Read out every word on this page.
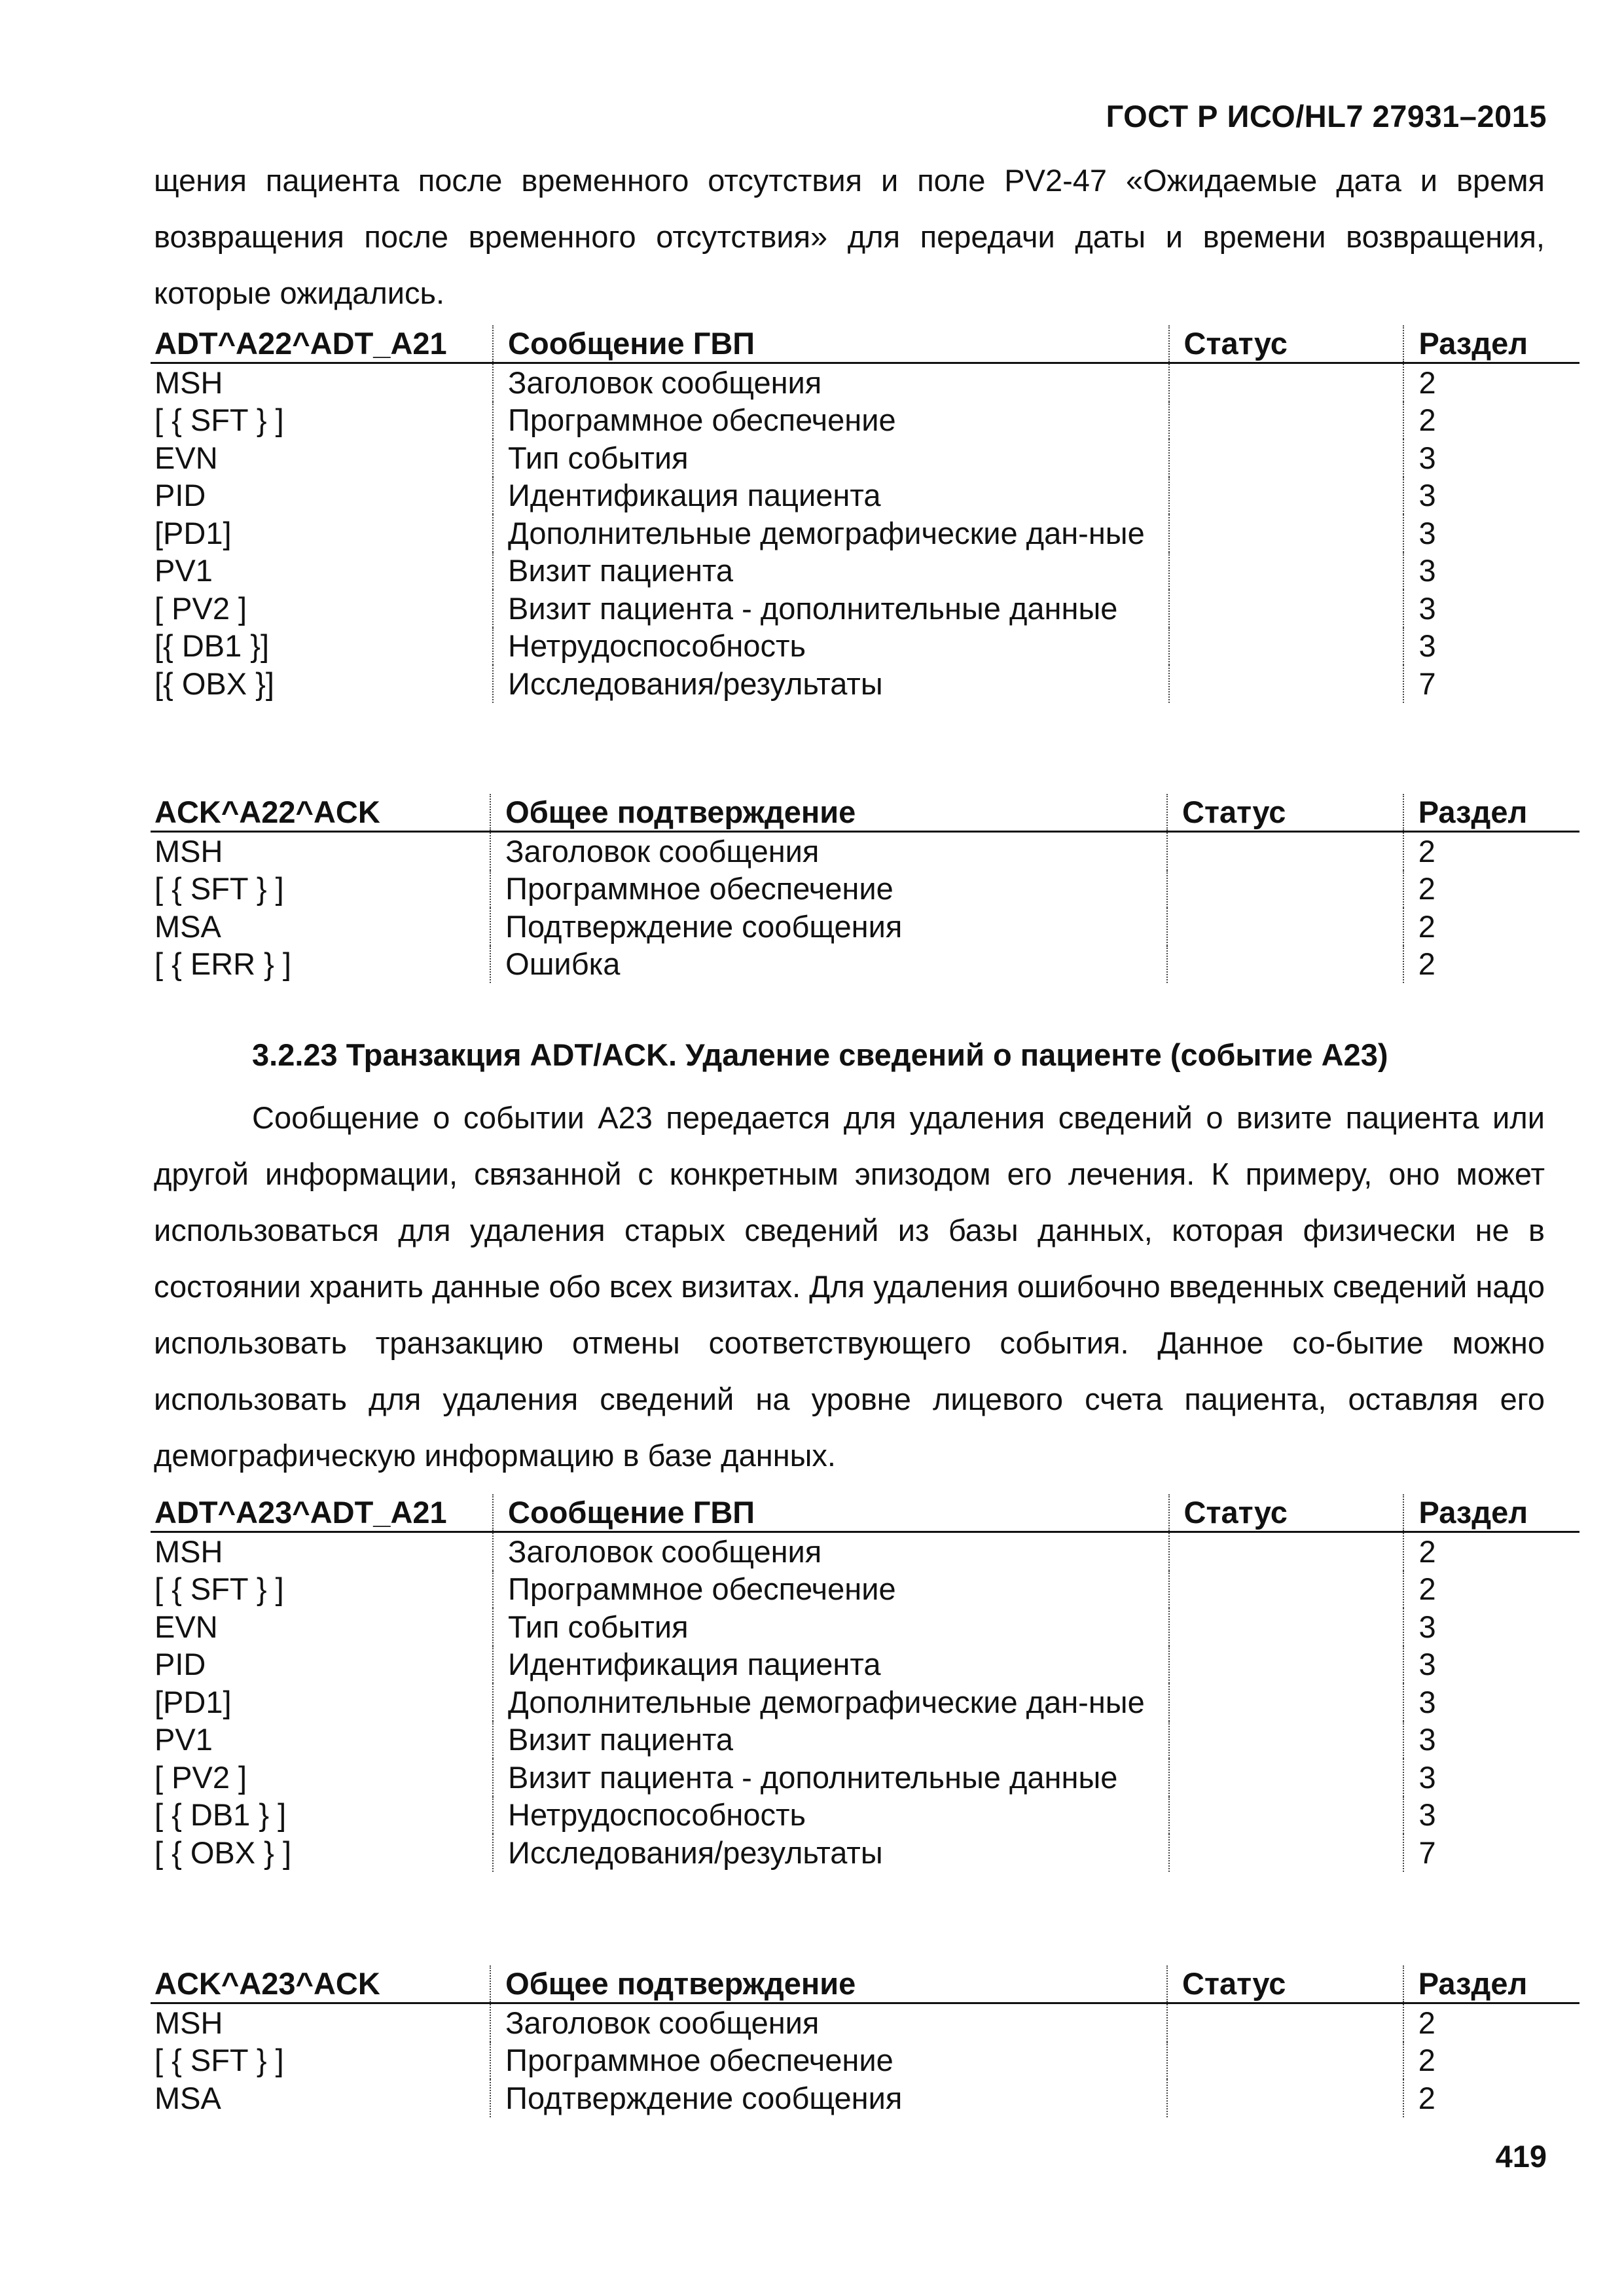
ГОСТ Р ИСО/HL7 27931–2015

щения пациента после временного отсутствия и поле PV2-47 «Ожидаемые дата и время возвращения после временного отсутствия» для передачи даты и времени возвращения, которые ожидались.

ADT^A22^ADT_A21	Сообщение ГВП	Статус	Раздел
MSH	Заголовок сообщения		2
[ { SFT } ]	Программное обеспечение		2
EVN	Тип события		3
PID	Идентификация пациента		3
[PD1]	Дополнительные демографические дан-ные		3
PV1	Визит пациента		3
[ PV2 ]	Визит пациента - дополнительные данные		3
[{ DB1 }]	Нетрудоспособность		3
[{ OBX }]	Исследования/результаты		7
ACK^A22^ACK	Общее подтверждение	Статус	Раздел
MSH	Заголовок сообщения		2
[ { SFT } ]	Программное обеспечение		2
MSA	Подтверждение сообщения		2
[ { ERR } ]	Ошибка		2
3.2.23 Транзакция ADT/ACK. Удаление сведений о пациенте (событие A23)

Сообщение о событии A23 передается для удаления сведений о визите пациента или другой информации, связанной с конкретным эпизодом его лечения. К примеру, оно может использоваться для удаления старых сведений из базы данных, которая физически не в состоянии хранить данные обо всех визитах. Для удаления ошибочно введенных сведений надо использовать транзакцию отмены соответствующего события. Данное со-бытие можно использовать для удаления сведений на уровне лицевого счета пациента, оставляя его демографическую информацию в базе данных.

ADT^A23^ADT_A21	Сообщение ГВП	Статус	Раздел
MSH	Заголовок сообщения		2
[ { SFT } ]	Программное обеспечение		2
EVN	Тип события		3
PID	Идентификация пациента		3
[PD1]	Дополнительные демографические дан-ные		3
PV1	Визит пациента		3
[ PV2 ]	Визит пациента - дополнительные данные		3
[ { DB1 } ]	Нетрудоспособность		3
[ { OBX } ]	Исследования/результаты		7
ACK^A23^ACK	Общее подтверждение	Статус	Раздел
MSH	Заголовок сообщения		2
[ { SFT } ]	Программное обеспечение		2
MSA	Подтверждение сообщения		2
419
